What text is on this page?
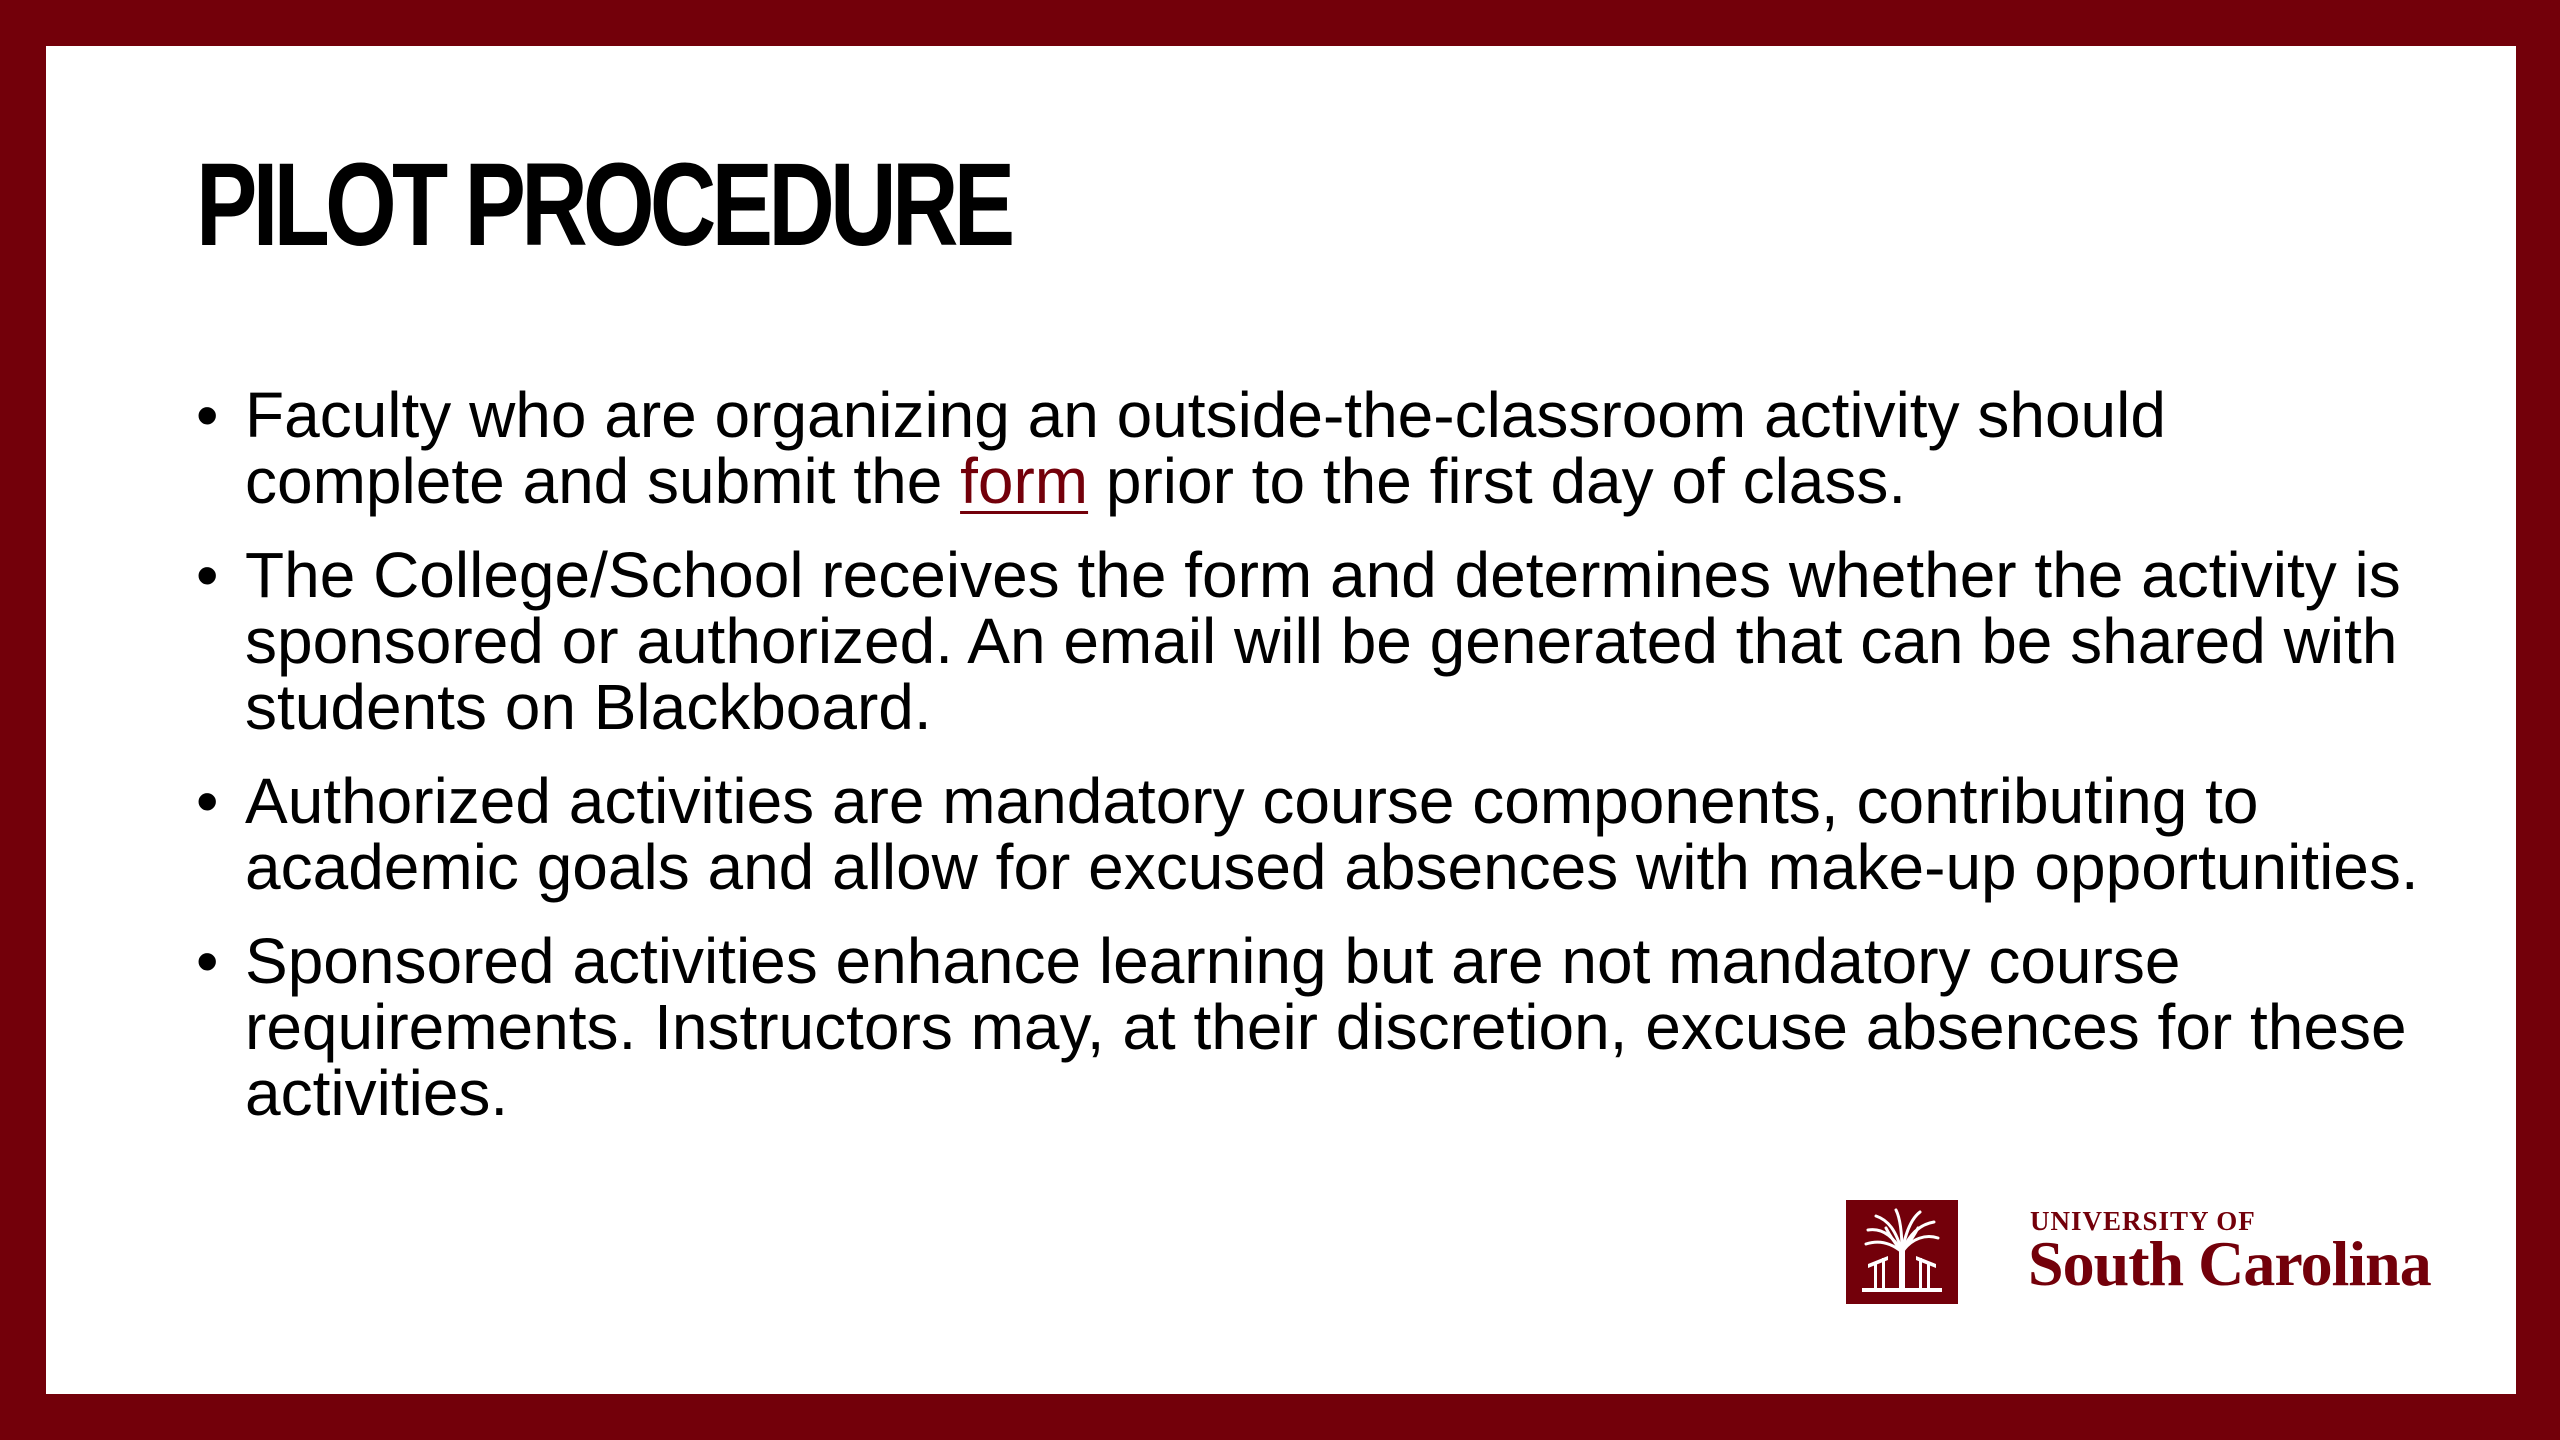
PILOT PROCEDURE
• Faculty who are organizing an outside-the-classroom activity should complete and submit the form prior to the first day of class.
• The College/School receives the form and determines whether the activity is sponsored or authorized. An email will be generated that can be shared with students on Blackboard.
• Authorized activities are mandatory course components, contributing to academic goals and allow for excused absences with make-up opportunities.
• Sponsored activities enhance learning but are not mandatory course requirements. Instructors may, at their discretion, excuse absences for these activities.
UNIVERSITY OF
South Carolina
